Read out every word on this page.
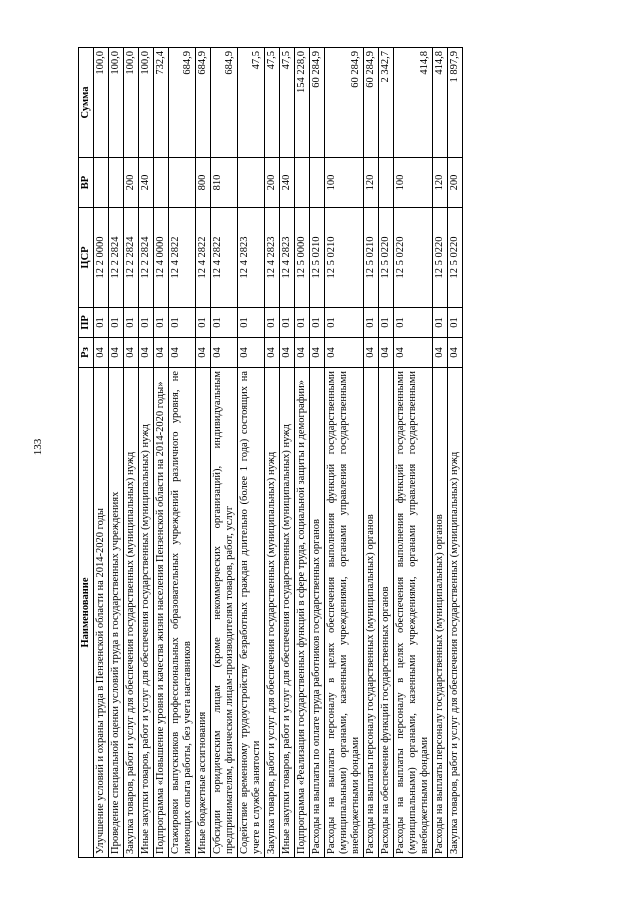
133
Наименование	Рз	ПР	ЦСР	ВР	Сумма
Улучшение условий и охраны труда в Пензенской области на 2014-2020 годы	04	01	12 2 0000		100,0
Проведение специальной оценки условий труда в государственных учреждениях	04	01	12 2 2824		100,0
Закупка товаров, работ и услуг для обеспечения государственных (муниципальных) нужд	04	01	12 2 2824	200	100,0
Иные закупки товаров, работ и услуг для обеспечения государственных (муниципальных) нужд	04	01	12 2 2824	240	100,0
Подпрограмма «Повышение уровня и качества жизни населения Пензенской области на 2014-2020 годы»	04	01	12 4 0000		732,4
Стажировки выпускников профессиональных образовательных учреждений различного уровня, не имеющих опыта работы, без учета наставников	04	01	12 4 2822		684,9
Иные бюджетные ассигнования	04	01	12 4 2822	800	684,9
Субсидии юридическим лицам (кроме некоммерческих организаций), индивидуальным предпринимателям, физическим лицам-производителям товаров, работ, услуг	04	01	12 4 2822	810	684,9
Содействие временному трудоустройству безработных граждан длительно (более 1 года) состоящих на учете в службе занятости	04	01	12 4 2823		47,5
Закупка товаров, работ и услуг для обеспечения государственных (муниципальных) нужд	04	01	12 4 2823	200	47,5
Иные закупки товаров, работ и услуг для обеспечения государственных (муниципальных) нужд	04	01	12 4 2823	240	47,5
Подпрограмма «Реализация государственных функций в сфере труда, социальной защиты и демографии»	04	01	12 5 0000		154 228,0
Расходы на выплаты по оплате труда работников государственных органов	04	01	12 5 0210		60 284,9
Расходы на выплаты персоналу в целях обеспечения выполнения функций государственными (муниципальными) органами, казенными учреждениями, органами управления государственными внебюджетными фондами	04	01	12 5 0210	100	60 284,9
Расходы на выплаты персоналу государственных (муниципальных) органов	04	01	12 5 0210	120	60 284,9
Расходы на обеспечение функций государственных органов	04	01	12 5 0220		2 342,7
Расходы на выплаты персоналу в целях обеспечения выполнения функций государственными (муниципальными) органами, казенными учреждениями, органами управления государственными внебюджетными фондами	04	01	12 5 0220	100	414,8
Расходы на выплаты персоналу государственных (муниципальных) органов	04	01	12 5 0220	120	414,8
Закупка товаров, работ и услуг для обеспечения государственных (муниципальных) нужд	04	01	12 5 0220	200	1 897,9
